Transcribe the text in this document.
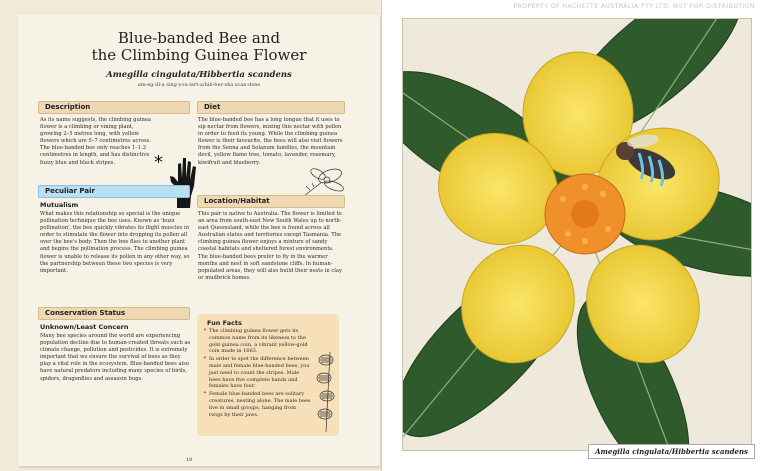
Blue-banded Bee and
the Climbing Guinea Flower
Amegilla cingulata/Hibbertia scandens
am-eg-ill-a sing-you-lart-a/hib-ber-sha scan-dens
Description
As its name suggests, the climbing guinea flower is a climbing or vining plant, growing 2–5 metres long, with yellow flowers which are 5–7 centimetres across. The blue-banded bee only reaches 1–1.2 centimetres in length, and has distinctive fuzzy blue and black stripes.	*
Peculiar Pair
Mutualism
What makes this relationship so special is the unique pollination technique the bee uses. Known as 'buzz pollination', the bee quickly vibrates its flight muscles in order to stimulate the flower into dropping its pollen all over the bee's body. Then the bee flies to another plant and begins the pollination process. The climbing guinea flower is unable to release its pollen in any other way, so the partnership between these two species is very important.
Conservation Status
Unknown/Least Concern
Many bee species around the world are experiencing population decline due to human-created threats such as climate change, pollution and pesticides. It is extremely important that we ensure the survival of bees as they play a vital role in the ecosystem. Blue-banded bees also have natural predators including many species of birds, spiders, dragonflies and assassin bugs.
Diet
The blue-banded bee has a long tongue that it uses to sip nectar from flowers, mixing this nectar with pollen in order to feed its young. While the climbing guinea flower is their favourite, the bees will also visit flowers from the Senna and Solanum families, the mountain devil, yellow flame tree, tomato, lavender, rosemary, kiwifruit and blueberry.
Location/Habitat
This pair is native to Australia. The flower is limited to an area from south-east New South Wales up to north-east Queensland, while the bee is found across all Australian states and territories except Tasmania. The climbing guinea flower enjoys a mixture of sandy coastal habitats and sheltered forest environments. The blue-banded bees prefer to fly in the warmer months and nest in soft sandstone cliffs. In human-populated areas, they will also build their nests in clay or mudbrick homes.
Fun Facts
✦ The climbing guinea flower gets its common name from its likeness to the gold guinea coin, a vibrant yellow-gold coin made in 1663.
✦ In order to spot the difference between male and female blue-banded bees, you just need to count the stripes. Male bees have five complete bands and females have four.
✦ Female blue-banded bees are solitary creatures, nesting alone. The male bees live in small groups, hanging from twigs by their jaws.
18
PROPERTY OF HACHETTE AUSTRALIA PTY LTD. NOT FOR DISTRIBUTION
Amegilla cingulata/Hibbertia scandens
